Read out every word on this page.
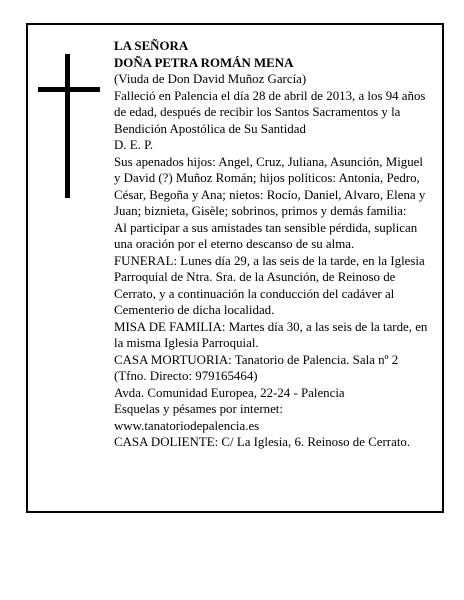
LA SEÑORA

DOÑA PETRA ROMÁN MENA

(Viuda de Don David Muñoz García)

Falleció en Palencia el día 28 de abril de 2013, a los 94 años de edad, después de recibir los Santos Sacramentos y la Bendición Apostólica de Su Santidad

D. E. P.

Sus apenados hijos: Angel, Cruz, Juliana, Asunción, Miguel y David (?) Muñoz Román; hijos políticos: Antonia, Pedro, César, Begoña y Ana; nietos: Rocío, Daniel, Alvaro, Elena y Juan; biznieta, Gisèle; sobrinos, primos y demás familia:

Al participar a sus amistades tan sensible pérdida, suplican una oración por el eterno descanso de su alma.

FUNERAL: Lunes día 29, a las seis de la tarde, en la Iglesia Parroquial de Ntra. Sra. de la Asunción, de Reinoso de Cerrato, y a continuación la conducción del cadáver al Cementerio de dicha localidad.

MISA DE FAMILIA: Martes día 30, a las seis de la tarde, en la misma Iglesia Parroquial.

CASA MORTUORIA: Tanatorio de Palencia. Sala nº 2 (Tfno. Directo: 979165464)

Avda. Comunidad Europea, 22-24 - Palencia

Esquelas y pésames por internet:

www.tanatoriodepalencia.es

CASA DOLIENTE: C/ La Iglesia, 6. Reinoso de Cerrato.
